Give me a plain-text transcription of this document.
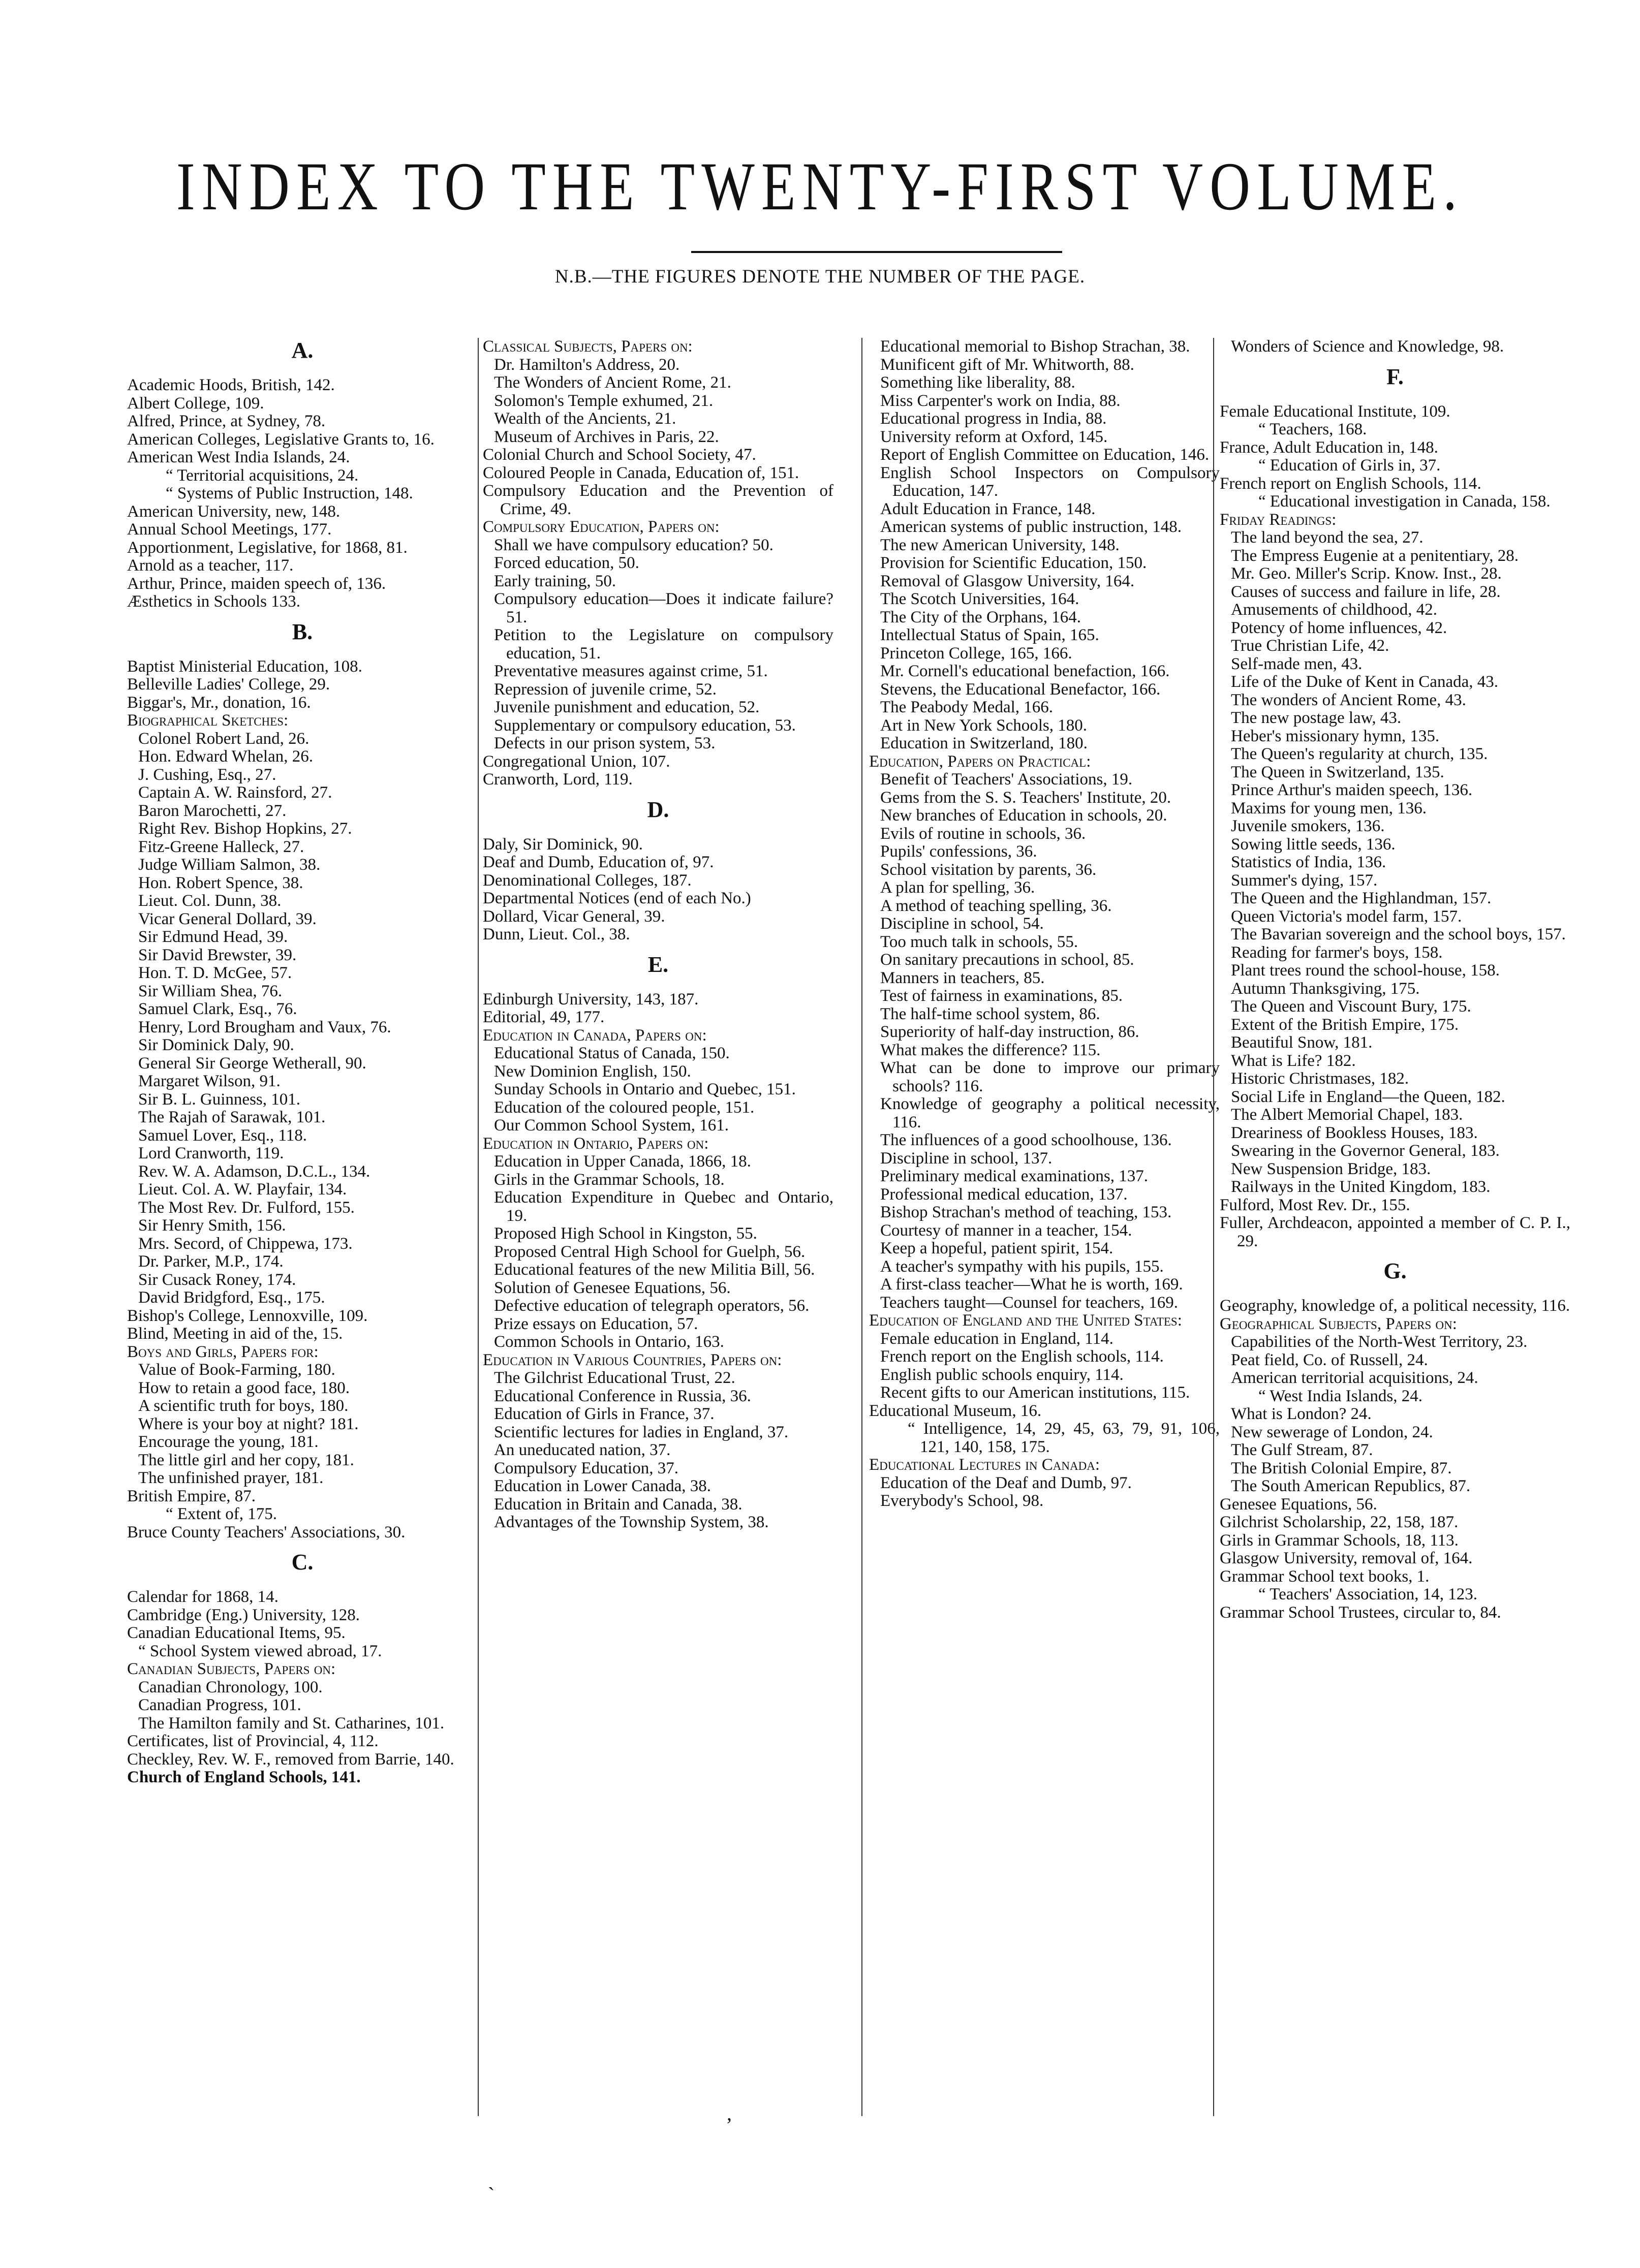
INDEX TO THE TWENTY-FIRST VOLUME.
N.B.—THE FIGURES DENOTE THE NUMBER OF THE PAGE.
A.
Academic Hoods, British, 142.
Albert College, 109.
Alfred, Prince, at Sydney, 78.
American Colleges, Legislative Grants to, 16.
American West India Islands, 24.
“ Territorial acquisitions, 24.
“ Systems of Public Instruction, 148.
American University, new, 148.
Annual School Meetings, 177.
Apportionment, Legislative, for 1868, 81.
Arnold as a teacher, 117.
Arthur, Prince, maiden speech of, 136.
Æsthetics in Schools 133.
B.
Baptist Ministerial Education, 108.
Belleville Ladies' College, 29.
Biggar's, Mr., donation, 16.
Biographical Sketches:
Colonel Robert Land, 26.
Hon. Edward Whelan, 26.
J. Cushing, Esq., 27.
Captain A. W. Rainsford, 27.
Baron Marochetti, 27.
Right Rev. Bishop Hopkins, 27.
Fitz-Greene Halleck, 27.
Judge William Salmon, 38.
Hon. Robert Spence, 38.
Lieut. Col. Dunn, 38.
Vicar General Dollard, 39.
Sir Edmund Head, 39.
Sir David Brewster, 39.
Hon. T. D. McGee, 57.
Sir William Shea, 76.
Samuel Clark, Esq., 76.
Henry, Lord Brougham and Vaux, 76.
Sir Dominick Daly, 90.
General Sir George Wetherall, 90.
Margaret Wilson, 91.
Sir B. L. Guinness, 101.
The Rajah of Sarawak, 101.
Samuel Lover, Esq., 118.
Lord Cranworth, 119.
Rev. W. A. Adamson, D.C.L., 134.
Lieut. Col. A. W. Playfair, 134.
The Most Rev. Dr. Fulford, 155.
Sir Henry Smith, 156.
Mrs. Secord, of Chippewa, 173.
Dr. Parker, M.P., 174.
Sir Cusack Roney, 174.
David Bridgford, Esq., 175.
Bishop's College, Lennoxville, 109.
Blind, Meeting in aid of the, 15.
Boys and Girls, Papers for:
Value of Book-Farming, 180.
How to retain a good face, 180.
A scientific truth for boys, 180.
Where is your boy at night? 181.
Encourage the young, 181.
The little girl and her copy, 181.
The unfinished prayer, 181.
British Empire, 87.
“ Extent of, 175.
Bruce County Teachers' Associations, 30.
C.
Calendar for 1868, 14.
Cambridge (Eng.) University, 128.
Canadian Educational Items, 95.
“ School System viewed abroad, 17.
Canadian Subjects, Papers on:
Canadian Chronology, 100.
Canadian Progress, 101.
The Hamilton family and St. Catharines, 101.
Certificates, list of Provincial, 4, 112.
Checkley, Rev. W. F., removed from Barrie, 140.
Church of England Schools, 141.
Classical Subjects, Papers on:
Dr. Hamilton's Address, 20.
The Wonders of Ancient Rome, 21.
Solomon's Temple exhumed, 21.
Wealth of the Ancients, 21.
Museum of Archives in Paris, 22.
Colonial Church and School Society, 47.
Coloured People in Canada, Education of, 151.
Compulsory Education and the Prevention of Crime, 49.
Compulsory Education, Papers on:
Shall we have compulsory education? 50.
Forced education, 50.
Early training, 50.
Compulsory education—Does it indicate failure? 51.
Petition to the Legislature on compulsory education, 51.
Preventative measures against crime, 51.
Repression of juvenile crime, 52.
Juvenile punishment and education, 52.
Supplementary or compulsory education, 53.
Defects in our prison system, 53.
Congregational Union, 107.
Cranworth, Lord, 119.
D.
Daly, Sir Dominick, 90.
Deaf and Dumb, Education of, 97.
Denominational Colleges, 187.
Departmental Notices (end of each No.)
Dollard, Vicar General, 39.
Dunn, Lieut. Col., 38.
E.
Edinburgh University, 143, 187.
Editorial, 49, 177.
Education in Canada, Papers on:
Educational Status of Canada, 150.
New Dominion English, 150.
Sunday Schools in Ontario and Quebec, 151.
Education of the coloured people, 151.
Our Common School System, 161.
Education in Ontario, Papers on:
Education in Upper Canada, 1866, 18.
Girls in the Grammar Schools, 18.
Education Expenditure in Quebec and Ontario, 19.
Proposed High School in Kingston, 55.
Proposed Central High School for Guelph, 56.
Educational features of the new Militia Bill, 56.
Solution of Genesee Equations, 56.
Defective education of telegraph operators, 56.
Prize essays on Education, 57.
Common Schools in Ontario, 163.
Education in Various Countries, Papers on:
The Gilchrist Educational Trust, 22.
Educational Conference in Russia, 36.
Education of Girls in France, 37.
Scientific lectures for ladies in England, 37.
An uneducated nation, 37.
Compulsory Education, 37.
Education in Lower Canada, 38.
Education in Britain and Canada, 38.
Advantages of the Township System, 38.
Educational memorial to Bishop Strachan, 38.
Munificent gift of Mr. Whitworth, 88.
Something like liberality, 88.
Miss Carpenter's work on India, 88.
Educational progress in India, 88.
University reform at Oxford, 145.
Report of English Committee on Education, 146.
English School Inspectors on Compulsory Education, 147.
Adult Education in France, 148.
American systems of public instruction, 148.
The new American University, 148.
Provision for Scientific Education, 150.
Removal of Glasgow University, 164.
The Scotch Universities, 164.
The City of the Orphans, 164.
Intellectual Status of Spain, 165.
Princeton College, 165, 166.
Mr. Cornell's educational benefaction, 166.
Stevens, the Educational Benefactor, 166.
The Peabody Medal, 166.
Art in New York Schools, 180.
Education in Switzerland, 180.
Education, Papers on Practical:
Benefit of Teachers' Associations, 19.
Gems from the S. S. Teachers' Institute, 20.
New branches of Education in schools, 20.
Evils of routine in schools, 36.
Pupils' confessions, 36.
School visitation by parents, 36.
A plan for spelling, 36.
A method of teaching spelling, 36.
Discipline in school, 54.
Too much talk in schools, 55.
On sanitary precautions in school, 85.
Manners in teachers, 85.
Test of fairness in examinations, 85.
The half-time school system, 86.
Superiority of half-day instruction, 86.
What makes the difference? 115.
What can be done to improve our primary schools? 116.
Knowledge of geography a political necessity, 116.
The influences of a good schoolhouse, 136.
Discipline in school, 137.
Preliminary medical examinations, 137.
Professional medical education, 137.
Bishop Strachan's method of teaching, 153.
Courtesy of manner in a teacher, 154.
Keep a hopeful, patient spirit, 154.
A teacher's sympathy with his pupils, 155.
A first-class teacher—What he is worth, 169.
Teachers taught—Counsel for teachers, 169.
Education of England and the United States:
Female education in England, 114.
French report on the English schools, 114.
English public schools enquiry, 114.
Recent gifts to our American institutions, 115.
Educational Museum, 16.
“ Intelligence, 14, 29, 45, 63, 79, 91, 106, 121, 140, 158, 175.
Educational Lectures in Canada:
Education of the Deaf and Dumb, 97.
Everybody's School, 98.
Wonders of Science and Knowledge, 98.
F.
Female Educational Institute, 109.
“ Teachers, 168.
France, Adult Education in, 148.
“ Education of Girls in, 37.
French report on English Schools, 114.
“ Educational investigation in Canada, 158.
Friday Readings:
The land beyond the sea, 27.
The Empress Eugenie at a penitentiary, 28.
Mr. Geo. Miller's Scrip. Know. Inst., 28.
Causes of success and failure in life, 28.
Amusements of childhood, 42.
Potency of home influences, 42.
True Christian Life, 42.
Self-made men, 43.
Life of the Duke of Kent in Canada, 43.
The wonders of Ancient Rome, 43.
The new postage law, 43.
Heber's missionary hymn, 135.
The Queen's regularity at church, 135.
The Queen in Switzerland, 135.
Prince Arthur's maiden speech, 136.
Maxims for young men, 136.
Juvenile smokers, 136.
Sowing little seeds, 136.
Statistics of India, 136.
Summer's dying, 157.
The Queen and the Highlandman, 157.
Queen Victoria's model farm, 157.
The Bavarian sovereign and the school boys, 157.
Reading for farmer's boys, 158.
Plant trees round the school-house, 158.
Autumn Thanksgiving, 175.
The Queen and Viscount Bury, 175.
Extent of the British Empire, 175.
Beautiful Snow, 181.
What is Life? 182.
Historic Christmases, 182.
Social Life in England—the Queen, 182.
The Albert Memorial Chapel, 183.
Dreariness of Bookless Houses, 183.
Swearing in the Governor General, 183.
New Suspension Bridge, 183.
Railways in the United Kingdom, 183.
Fulford, Most Rev. Dr., 155.
Fuller, Archdeacon, appointed a member of C. P. I., 29.
G.
Geography, knowledge of, a political necessity, 116.
Geographical Subjects, Papers on:
Capabilities of the North-West Territory, 23.
Peat field, Co. of Russell, 24.
American territorial acquisitions, 24.
“ West India Islands, 24.
What is London? 24.
New sewerage of London, 24.
The Gulf Stream, 87.
The British Colonial Empire, 87.
The South American Republics, 87.
Genesee Equations, 56.
Gilchrist Scholarship, 22, 158, 187.
Girls in Grammar Schools, 18, 113.
Glasgow University, removal of, 164.
Grammar School text books, 1.
“ Teachers' Association, 14, 123.
Grammar School Trustees, circular to, 84.
,
`
